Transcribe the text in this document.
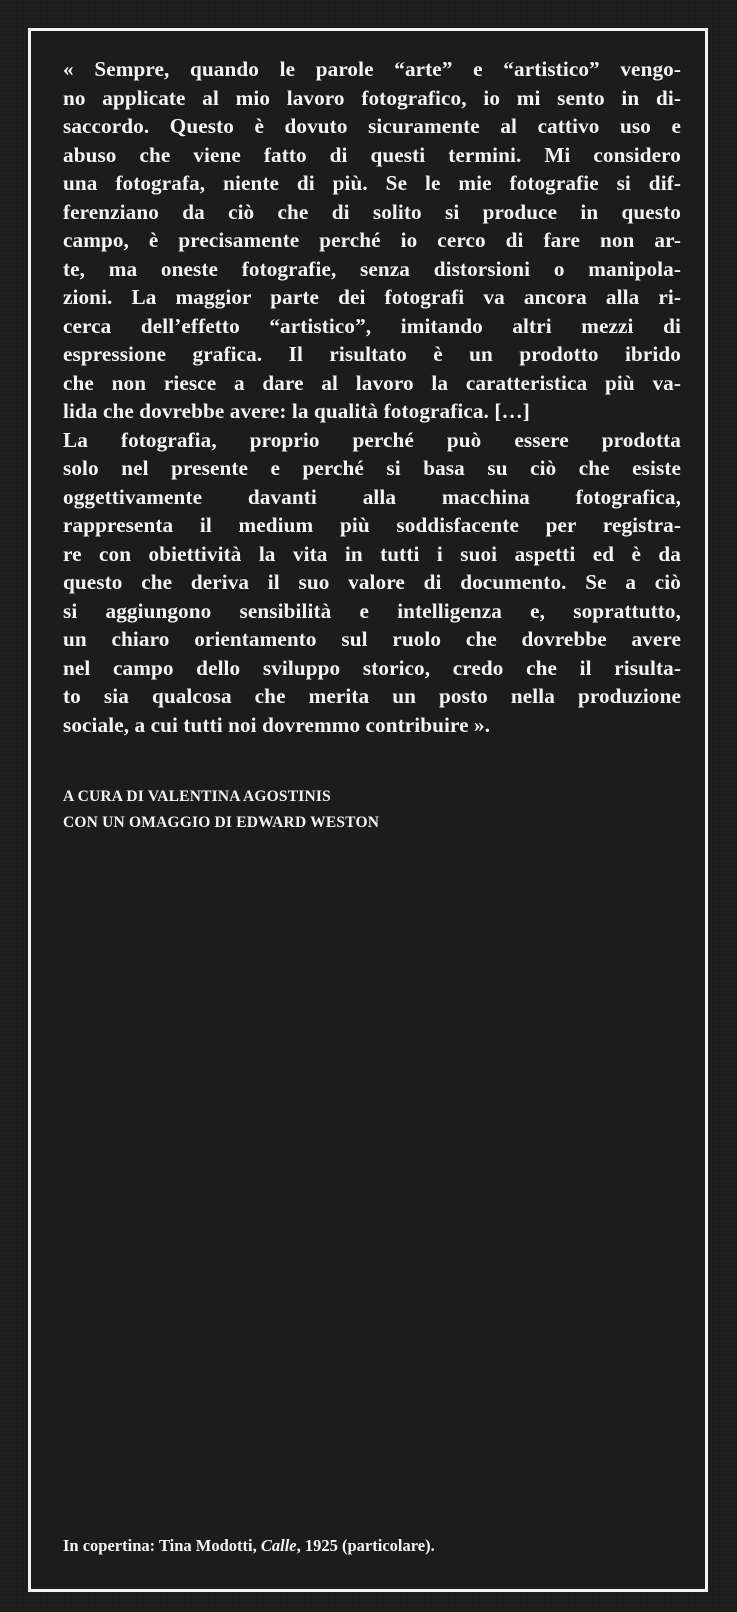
« Sempre, quando le parole “arte” e “artistico” vengo-
no applicate al mio lavoro fotografico, io mi sento in di-
saccordo. Questo è dovuto sicuramente al cattivo uso e
abuso che viene fatto di questi termini. Mi considero
una fotografa, niente di più. Se le mie fotografie si dif-
ferenziano da ciò che di solito si produce in questo
campo, è precisamente perché io cerco di fare non ar-
te, ma oneste fotografie, senza distorsioni o manipola-
zioni. La maggior parte dei fotografi va ancora alla ri-
cerca dell’effetto “artistico”, imitando altri mezzi di
espressione grafica. Il risultato è un prodotto ibrido
che non riesce a dare al lavoro la caratteristica più va-
lida che dovrebbe avere: la qualità fotografica. […]
La fotografia, proprio perché può essere prodotta
solo nel presente e perché si basa su ciò che esiste
oggettivamente davanti alla macchina fotografica,
rappresenta il medium più soddisfacente per registra-
re con obiettività la vita in tutti i suoi aspetti ed è da
questo che deriva il suo valore di documento. Se a ciò
si aggiungono sensibilità e intelligenza e, soprattutto,
un chiaro orientamento sul ruolo che dovrebbe avere
nel campo dello sviluppo storico, credo che il risulta-
to sia qualcosa che merita un posto nella produzione
sociale, a cui tutti noi dovremmo contribuire ».
A CURA DI VALENTINA AGOSTINIS
CON UN OMAGGIO DI EDWARD WESTON
In copertina: Tina Modotti, Calle, 1925 (particolare).
